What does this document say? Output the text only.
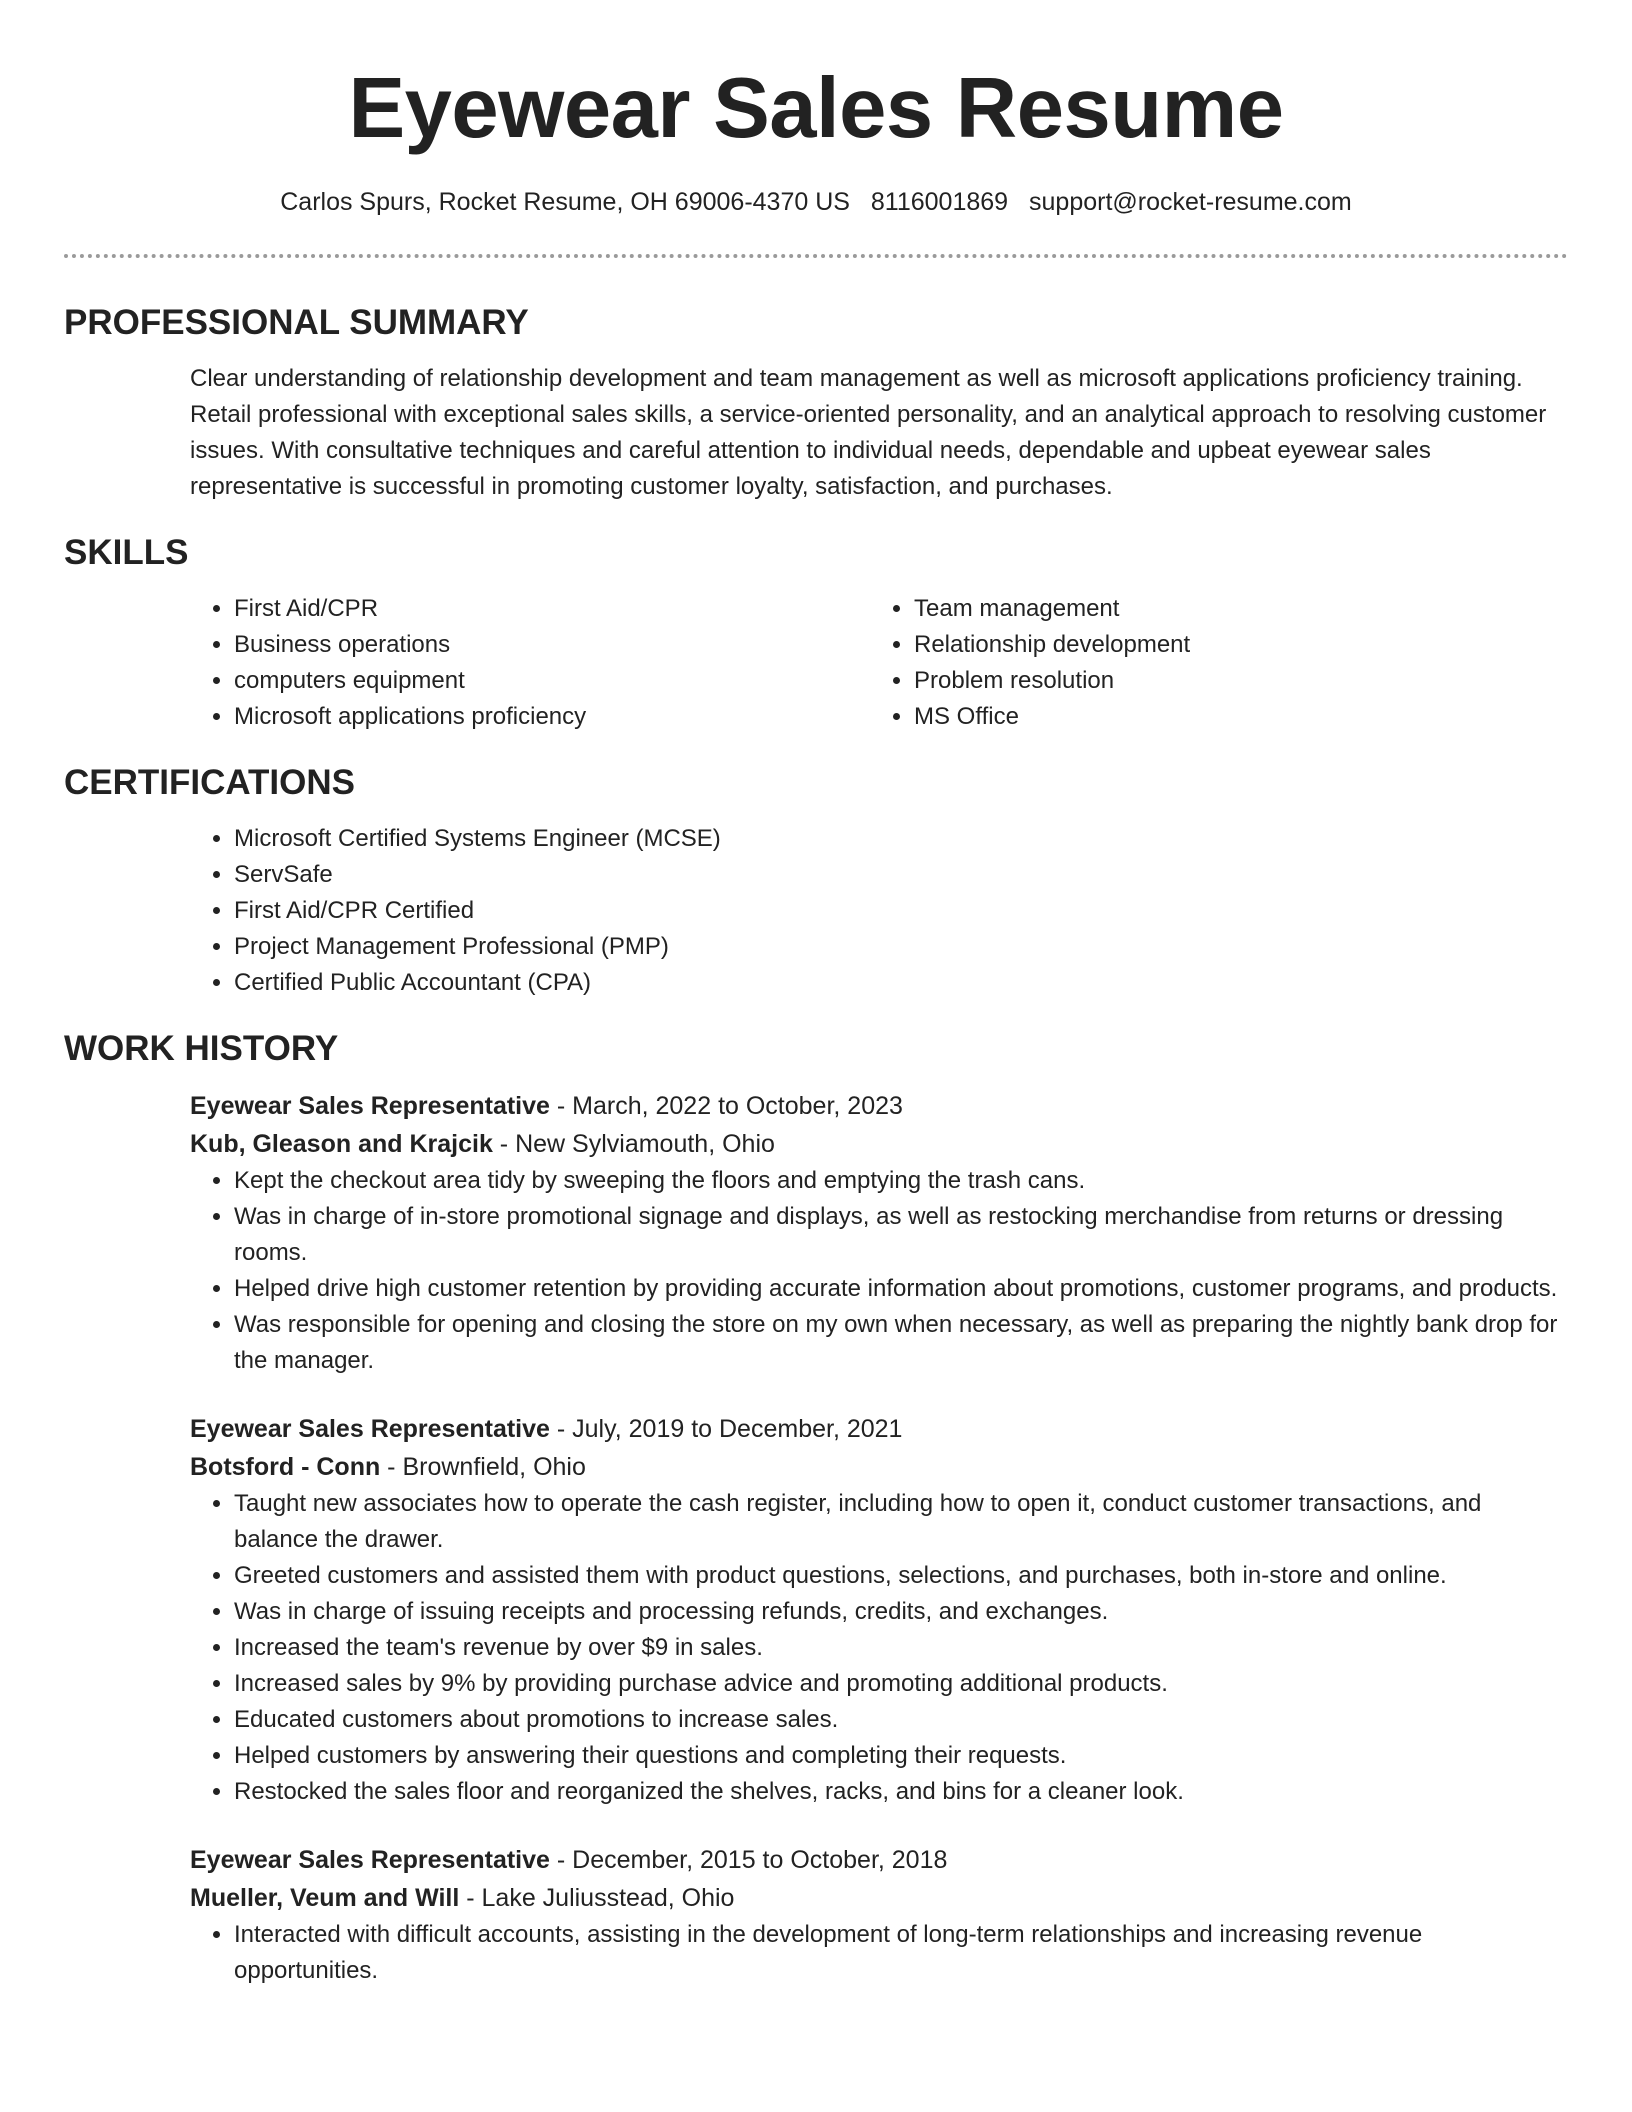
Eyewear Sales Resume
Carlos Spurs, Rocket Resume, OH 69006-4370 US 8116001869 support@rocket-resume.com
PROFESSIONAL SUMMARY

Clear understanding of relationship development and team management as well as microsoft applications proficiency training. Retail professional with exceptional sales skills, a service-oriented personality, and an analytical approach to resolving customer issues. With consultative techniques and careful attention to individual needs, dependable and upbeat eyewear sales representative is successful in promoting customer loyalty, satisfaction, and purchases.

SKILLS
• First Aid/CPR
• Business operations
• computers equipment
• Microsoft applications proficiency
• Team management
• Relationship development
• Problem resolution
• MS Office
CERTIFICATIONS
• Microsoft Certified Systems Engineer (MCSE)
• ServSafe
• First Aid/CPR Certified
• Project Management Professional (PMP)
• Certified Public Accountant (CPA)
WORK HISTORY
Eyewear Sales Representative - March, 2022 to October, 2023
Kub, Gleason and Krajcik - New Sylviamouth, Ohio
• Kept the checkout area tidy by sweeping the floors and emptying the trash cans.
• Was in charge of in-store promotional signage and displays, as well as restocking merchandise from returns or dressing rooms.
• Helped drive high customer retention by providing accurate information about promotions, customer programs, and products.
• Was responsible for opening and closing the store on my own when necessary, as well as preparing the nightly bank drop for the manager.
Eyewear Sales Representative - July, 2019 to December, 2021
Botsford - Conn - Brownfield, Ohio
• Taught new associates how to operate the cash register, including how to open it, conduct customer transactions, and balance the drawer.
• Greeted customers and assisted them with product questions, selections, and purchases, both in-store and online.
• Was in charge of issuing receipts and processing refunds, credits, and exchanges.
• Increased the team's revenue by over $9 in sales.
• Increased sales by 9% by providing purchase advice and promoting additional products.
• Educated customers about promotions to increase sales.
• Helped customers by answering their questions and completing their requests.
• Restocked the sales floor and reorganized the shelves, racks, and bins for a cleaner look.
Eyewear Sales Representative - December, 2015 to October, 2018
Mueller, Veum and Will - Lake Juliusstead, Ohio
• Interacted with difficult accounts, assisting in the development of long-term relationships and increasing revenue opportunities.
